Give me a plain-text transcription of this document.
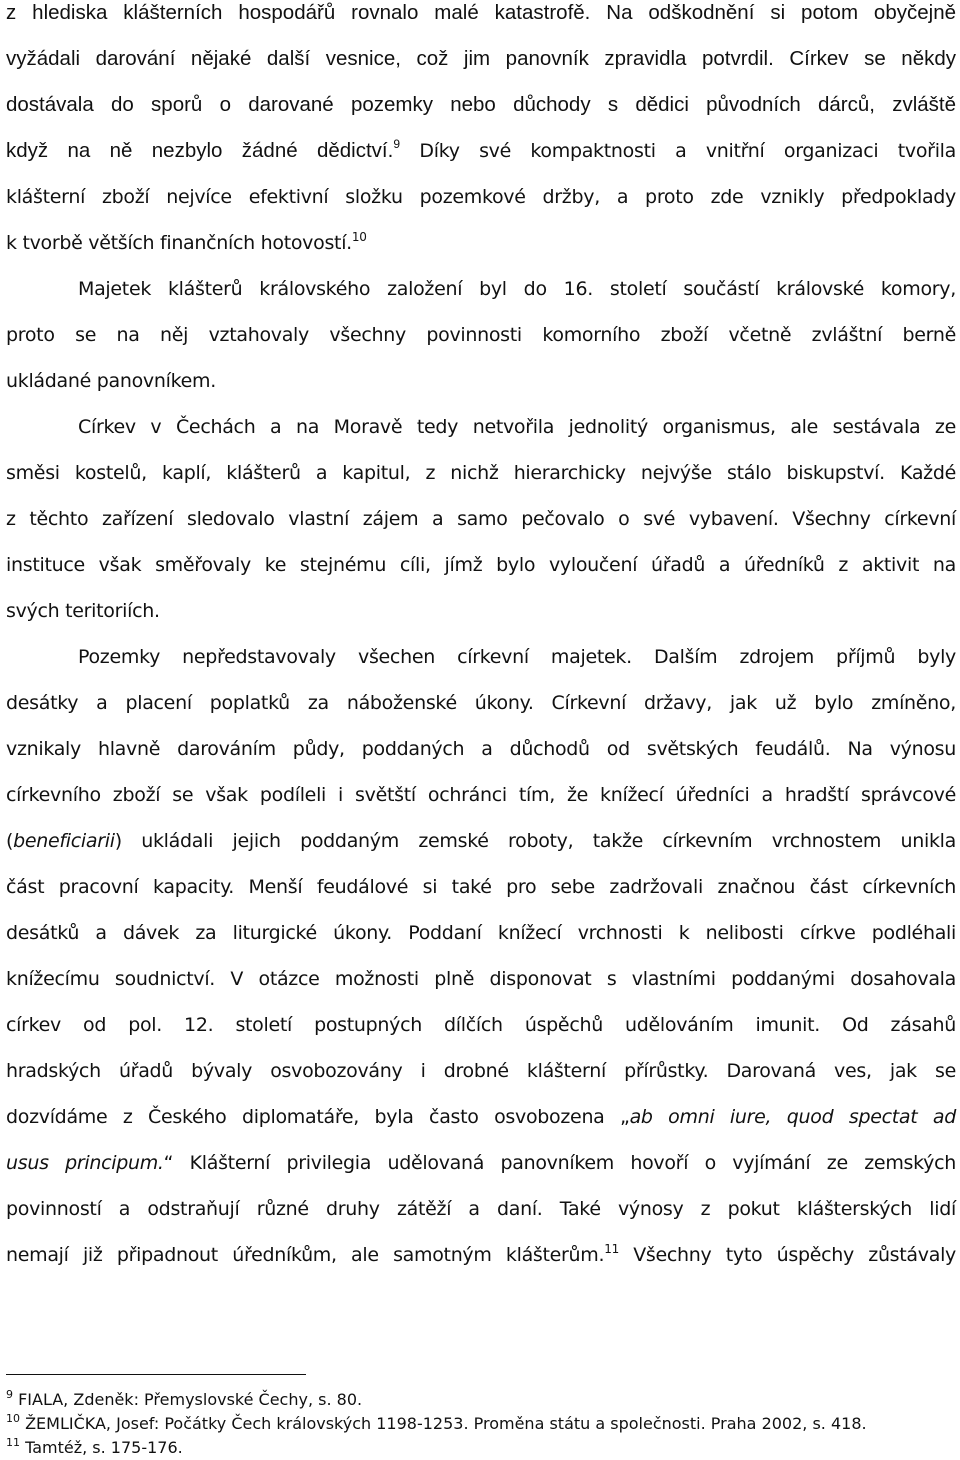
z hlediska klášterních hospodářů rovnalo malé katastrofě. Na odškodnění si potom obyčejně
vyžádali darování nějaké další vesnice, což jim panovník zpravidla potvrdil. Církev se někdy
dostávala do sporů o darované pozemky nebo důchody s dědici původních dárců, zvláště
když na ně nezbylo žádné dědictví.$^9$ Díky své kompaktnosti a vnitřní organizaci tvořila
klášterní zboží nejvíce efektivní složku pozemkové držby, a proto zde vznikly předpoklady
k tvorbě větších finančních hotovostí.$^{10}$
Majetek klášterů královského založení byl do 16. století součástí královské komory,
proto se na něj vztahovaly všechny povinnosti komorního zboží včetně zvláštní berně
ukládané panovníkem.
Církev v Čechách a na Moravě tedy netvořila jednolitý organismus, ale sestávala ze
směsi kostelů, kaplí, klášterů a kapitul, z nichž hierarchicky nejvýše stálo biskupství. Každé
z těchto zařízení sledovalo vlastní zájem a samo pečovalo o své vybavení. Všechny církevní
instituce však směřovaly ke stejnému cíli, jímž bylo vyloučení úřadů a úředníků z aktivit na
svých teritoriích.
Pozemky nepředstavovaly všechen církevní majetek. Dalším zdrojem příjmů byly
desátky a placení poplatků za náboženské úkony. Církevní državy, jak už bylo zmíněno,
vznikaly hlavně darováním půdy, poddaných a důchodů od světských feudálů. Na výnosu
církevního zboží se však podíleli i světští ochránci tím, že knížecí úředníci a hradští správcové
(beneficiarii) ukládali jejich poddaným zemské roboty, takže církevním vrchnostem unikla
část pracovní kapacity. Menší feudálové si také pro sebe zadržovali značnou část církevních
desátků a dávek za liturgické úkony. Poddaní knížecí vrchnosti k nelibosti církve podléhali
knížecímu soudnictví. V otázce možnosti plně disponovat s vlastními poddanými dosahovala
církev od pol. 12. století postupných dílčích úspěchů udělováním imunit. Od zásahů
hradských úřadů bývaly osvobozovány i drobné klášterní přírůstky. Darovaná ves, jak se
dozvídáme z Českého diplomatáře, byla často osvobozena „ab omni iure, quod spectat ad
usus principum.“ Klášterní privilegia udělovaná panovníkem hovoří o vyjímání ze zemských
povinností a odstraňují různé druhy zátěží a daní. Také výnosy z pokut klášterských lidí
nemají již připadnout úředníkům, ale samotným klášterům.$^{11}$ Všechny tyto úspěchy zůstávaly
$^9$ FIALA, Zdeněk: Přemyslovské Čechy, s. 80.
$^{10}$ ŽEMLIČKA, Josef: Počátky Čech královských 1198-1253. Proměna státu a společnosti. Praha 2002, s. 418.
$^{11}$ Tamtéž, s. 175-176.
